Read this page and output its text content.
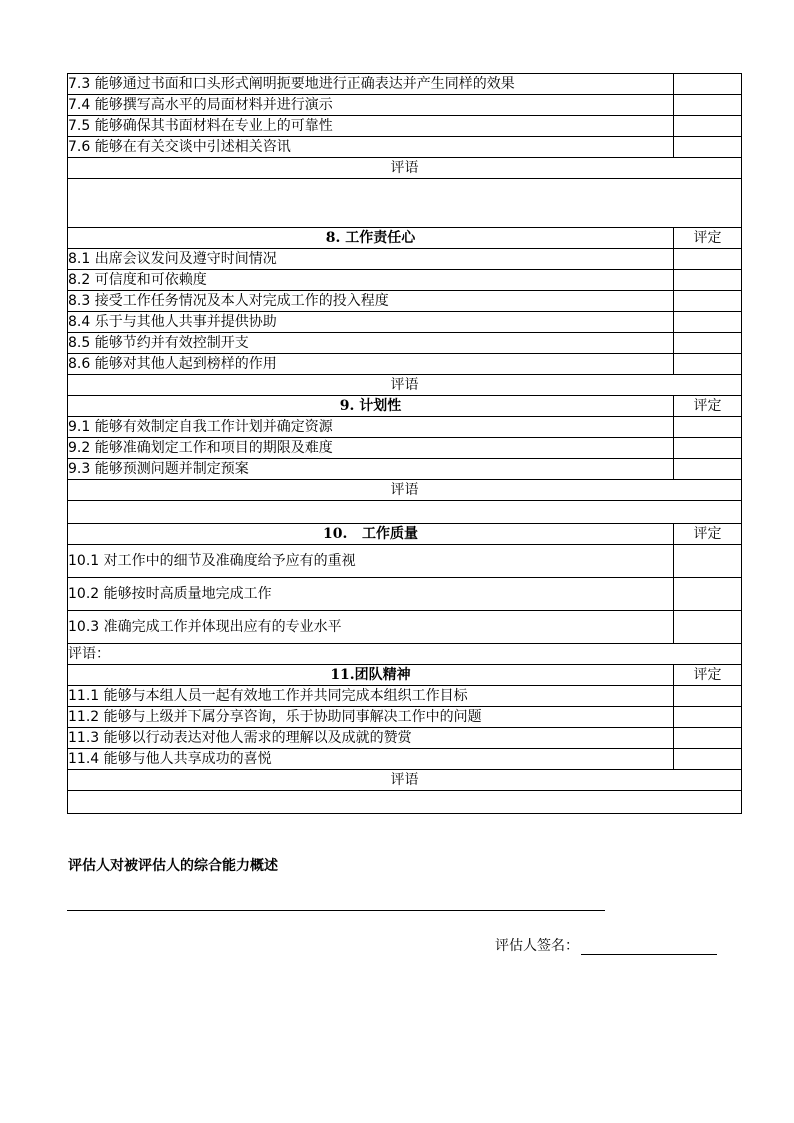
7.3 能够通过书面和口头形式阐明扼要地进行正确表达并产生同样的效果	
7.4 能够撰写高水平的局面材料并进行演示	
7.5 能够确保其书面材料在专业上的可靠性	
7.6 能够在有关交谈中引述相关咨讯	
评语	

8. 工作责任心	评定
8.1 出席会议发问及遵守时间情况	
8.2 可信度和可依赖度	
8.3 接受工作任务情况及本人对完成工作的投入程度	
8.4 乐于与其他人共事并提供协助	
8.5 能够节约并有效控制开支	
8.6 能够对其他人起到榜样的作用	
评语	
9. 计划性	评定
9.1 能够有效制定自我工作计划并确定资源	
9.2 能够准确划定工作和项目的期限及难度	
9.3 能够预测问题并制定预案	
评语	

10.   工作质量	评定
10.1 对工作中的细节及准确度给予应有的重视	
10.2 能够按时高质量地完成工作	
10.3 准确完成工作并体现出应有的专业水平	
评语：	
11.团队精神	评定
11.1 能够与本组人员一起有效地工作并共同完成本组织工作目标	
11.2 能够与上级并下属分享咨询，乐于协助同事解决工作中的问题	
11.3 能够以行动表达对他人需求的理解以及成就的赞赏	
11.4 能够与他人共享成功的喜悦	
评语	

评估人对被评估人的综合能力概述
评估人签名：
